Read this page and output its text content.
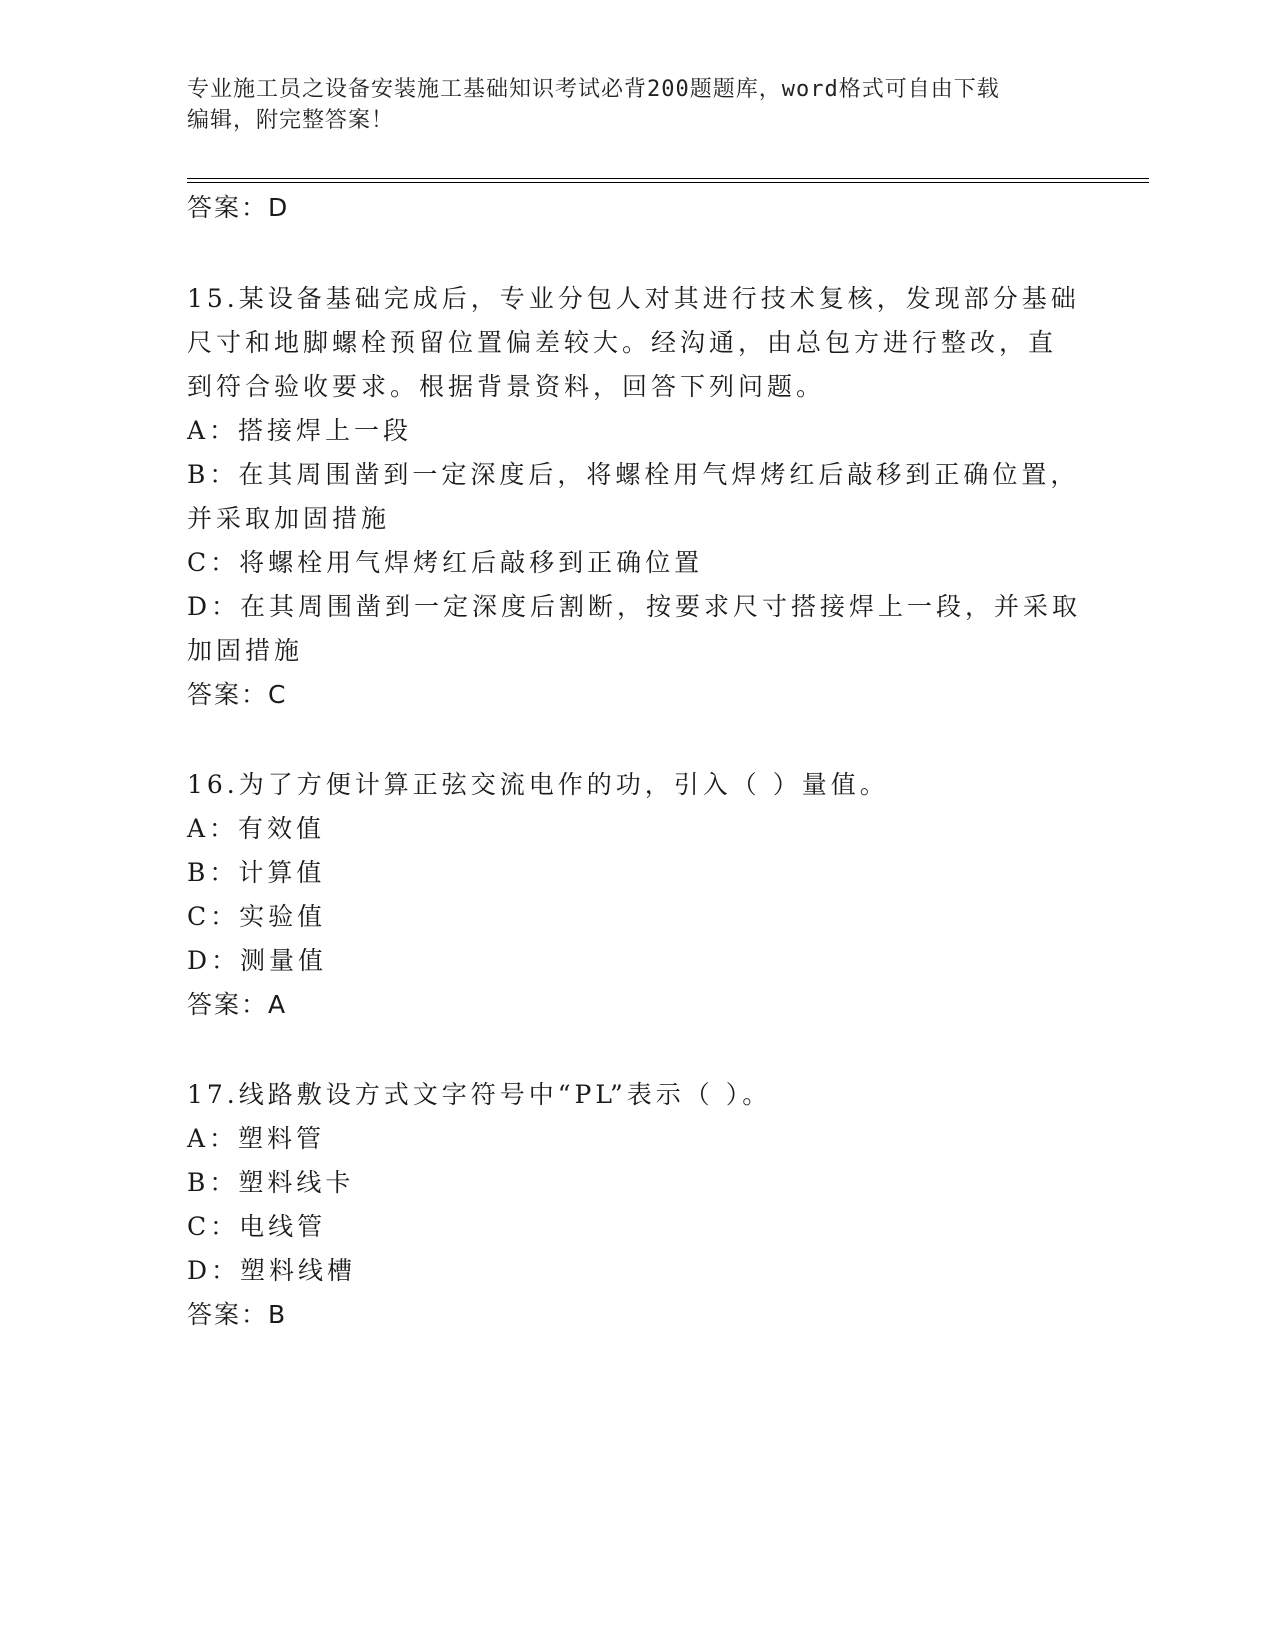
专业施工员之设备安装施工基础知识考试必背200题题库，word格式可自由下载
编辑，附完整答案！
答案：D
15.某设备基础完成后，专业分包人对其进行技术复核，发现部分基础
尺寸和地脚螺栓预留位置偏差较大。经沟通，由总包方进行整改，直
到符合验收要求。根据背景资料，回答下列问题。
A：搭接焊上一段
B：在其周围凿到一定深度后，将螺栓用气焊烤红后敲移到正确位置，
并采取加固措施
C：将螺栓用气焊烤红后敲移到正确位置
D：在其周围凿到一定深度后割断，按要求尺寸搭接焊上一段，并采取
加固措施
答案：C
16.为了方便计算正弦交流电作的功，引入（ ）量值。
A：有效值
B：计算值
C：实验值
D：测量值
答案：A
17.线路敷设方式文字符号中“PL”表示（ ）。
A：塑料管
B：塑料线卡
C：电线管
D：塑料线槽
答案：B
